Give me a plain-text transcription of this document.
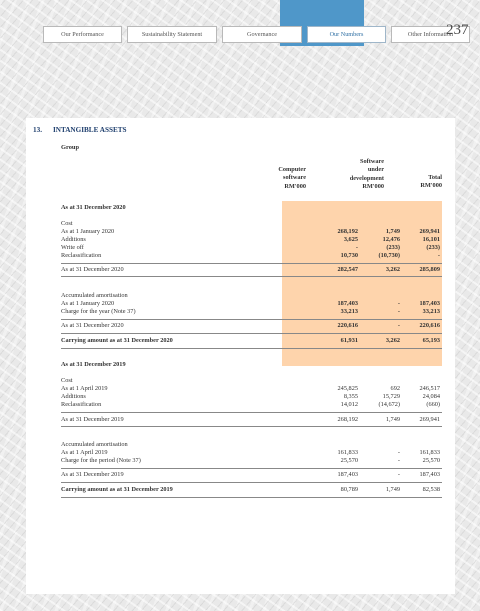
Our Performance	Sustainability Statement	Governance	Our Numbers	Other Information
237
13. INTANGIBLE ASSETS
Group
Computer
software
RM'000
Software
under
development
RM'000
Total
RM'000
As at 31 December 2020
Cost
As at 1 January 2020	268,192	1,749	269,941
Additions	3,625	12,476	16,101
Write off	-	(233)	(233)
Reclassification	10,730	(10,730)	-
As at 31 December 2020	282,547	3,262	285,809
Accumulated amortisation
As at 1 January 2020	187,403	-	187,403
Charge for the year (Note 37)	33,213	-	33,213
As at 31 December 2020	220,616	-	220,616
Carrying amount as at 31 December 2020	61,931	3,262	65,193
As at 31 December 2019
Cost
As at 1 April 2019	245,825	692	246,517
Additions	8,355	15,729	24,084
Reclassification	14,012	(14,672)	(660)
As at 31 December 2019	268,192	1,749	269,941
Accumulated amortisation
As at 1 April 2019	161,833	-	161,833
Charge for the period (Note 37)	25,570	-	25,570
As at 31 December 2019	187,403	-	187,403
Carrying amount as at 31 December 2019	80,789	1,749	82,538
